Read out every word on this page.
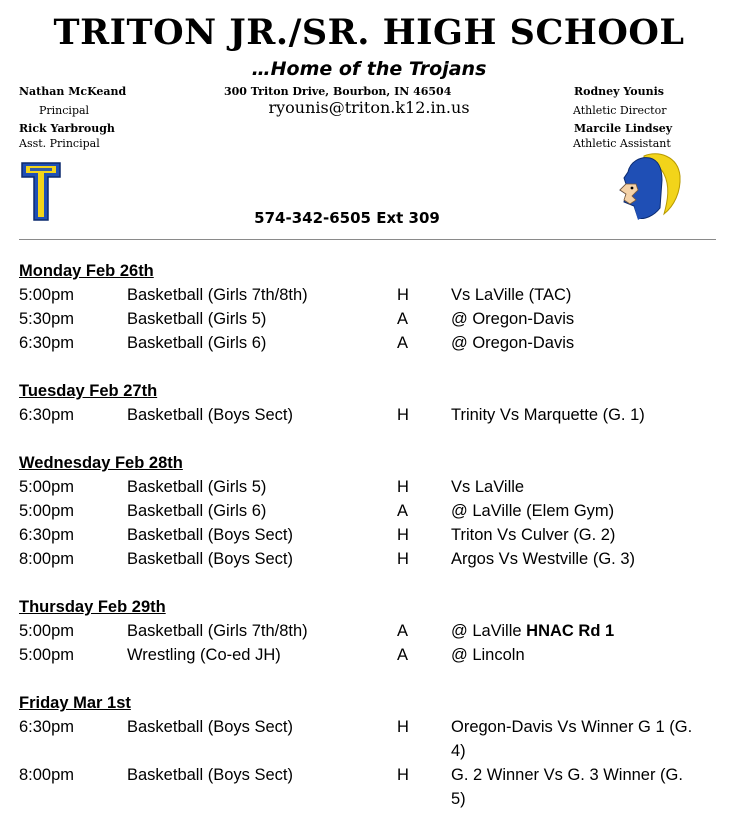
TRITON JR./SR. HIGH SCHOOL
…Home of the Trojans
Nathan McKeand
Principal
Rick Yarbrough
Asst. Principal
300 Triton Drive, Bourbon, IN 46504
ryounis@triton.k12.in.us
Rodney Younis
Athletic Director
Marcile Lindsey
Athletic Assistant
574-342-6505 Ext 309
Monday Feb 26th
5:00pm	Basketball (Girls 7th/8th)	H	Vs LaVille (TAC)
5:30pm	Basketball (Girls 5)	A	@ Oregon-Davis
6:30pm	Basketball (Girls 6)	A	@ Oregon-Davis
Tuesday Feb 27th
6:30pm	Basketball (Boys Sect)	H	Trinity Vs Marquette (G. 1)
Wednesday Feb 28th
5:00pm	Basketball (Girls 5)	H	Vs LaVille
5:00pm	Basketball (Girls 6)	A	@ LaVille (Elem Gym)
6:30pm	Basketball (Boys Sect)	H	Triton Vs Culver (G. 2)
8:00pm	Basketball (Boys Sect)	H	Argos Vs Westville (G. 3)
Thursday Feb 29th
5:00pm	Basketball (Girls 7th/8th)	A	@ LaVille HNAC Rd 1
5:00pm	Wrestling (Co-ed JH)	A	@ Lincoln
Friday Mar 1st
6:30pm	Basketball (Boys Sect)	H	Oregon-Davis Vs Winner G 1 (G. 4)
8:00pm	Basketball (Boys Sect)	H	G. 2 Winner Vs G. 3 Winner (G. 5)
